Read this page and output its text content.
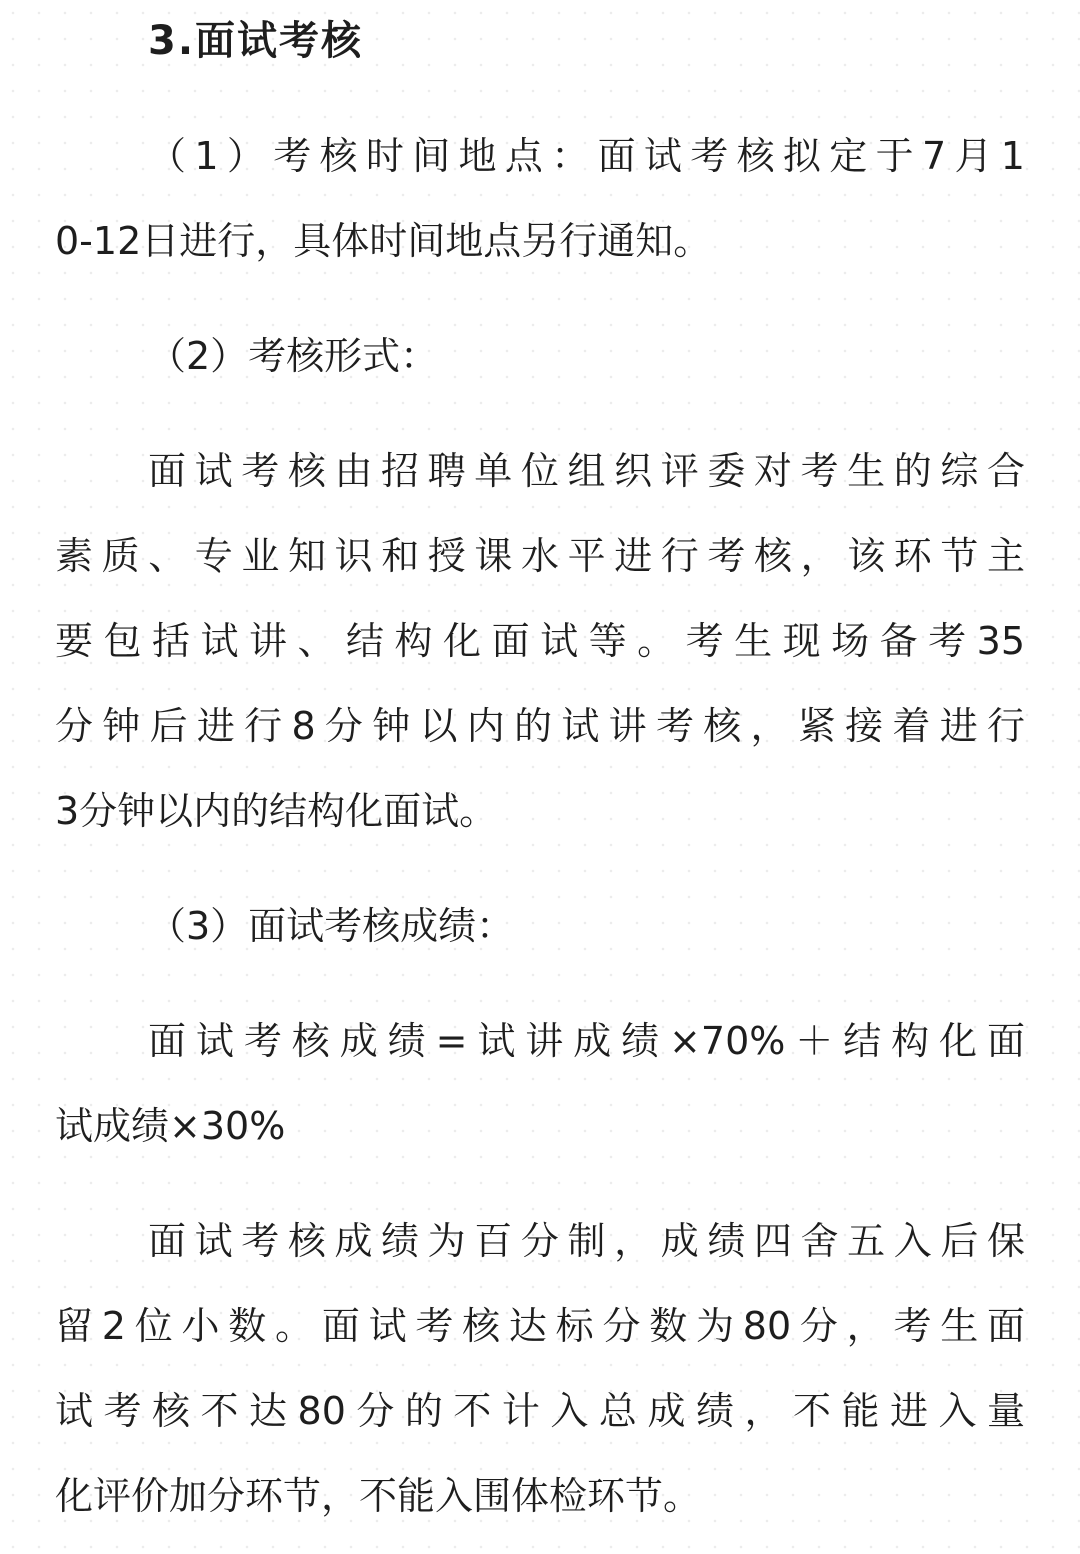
3.面试考核
（1）考核时间地点：面试考核拟定于7月1
0-12日进行，具体时间地点另行通知。
（2）考核形式：
面试考核由招聘单位组织评委对考生的综合
素质、专业知识和授课水平进行考核，该环节主
要包括试讲、结构化面试等。考生现场备考35
分钟后进行8分钟以内的试讲考核，紧接着进行
3分钟以内的结构化面试。
（3）面试考核成绩：
面试考核成绩=试讲成绩×70%＋结构化面
试成绩×30%
面试考核成绩为百分制，成绩四舍五入后保
留2位小数。面试考核达标分数为80分，考生面
试考核不达80分的不计入总成绩，不能进入量
化评价加分环节，不能入围体检环节。
